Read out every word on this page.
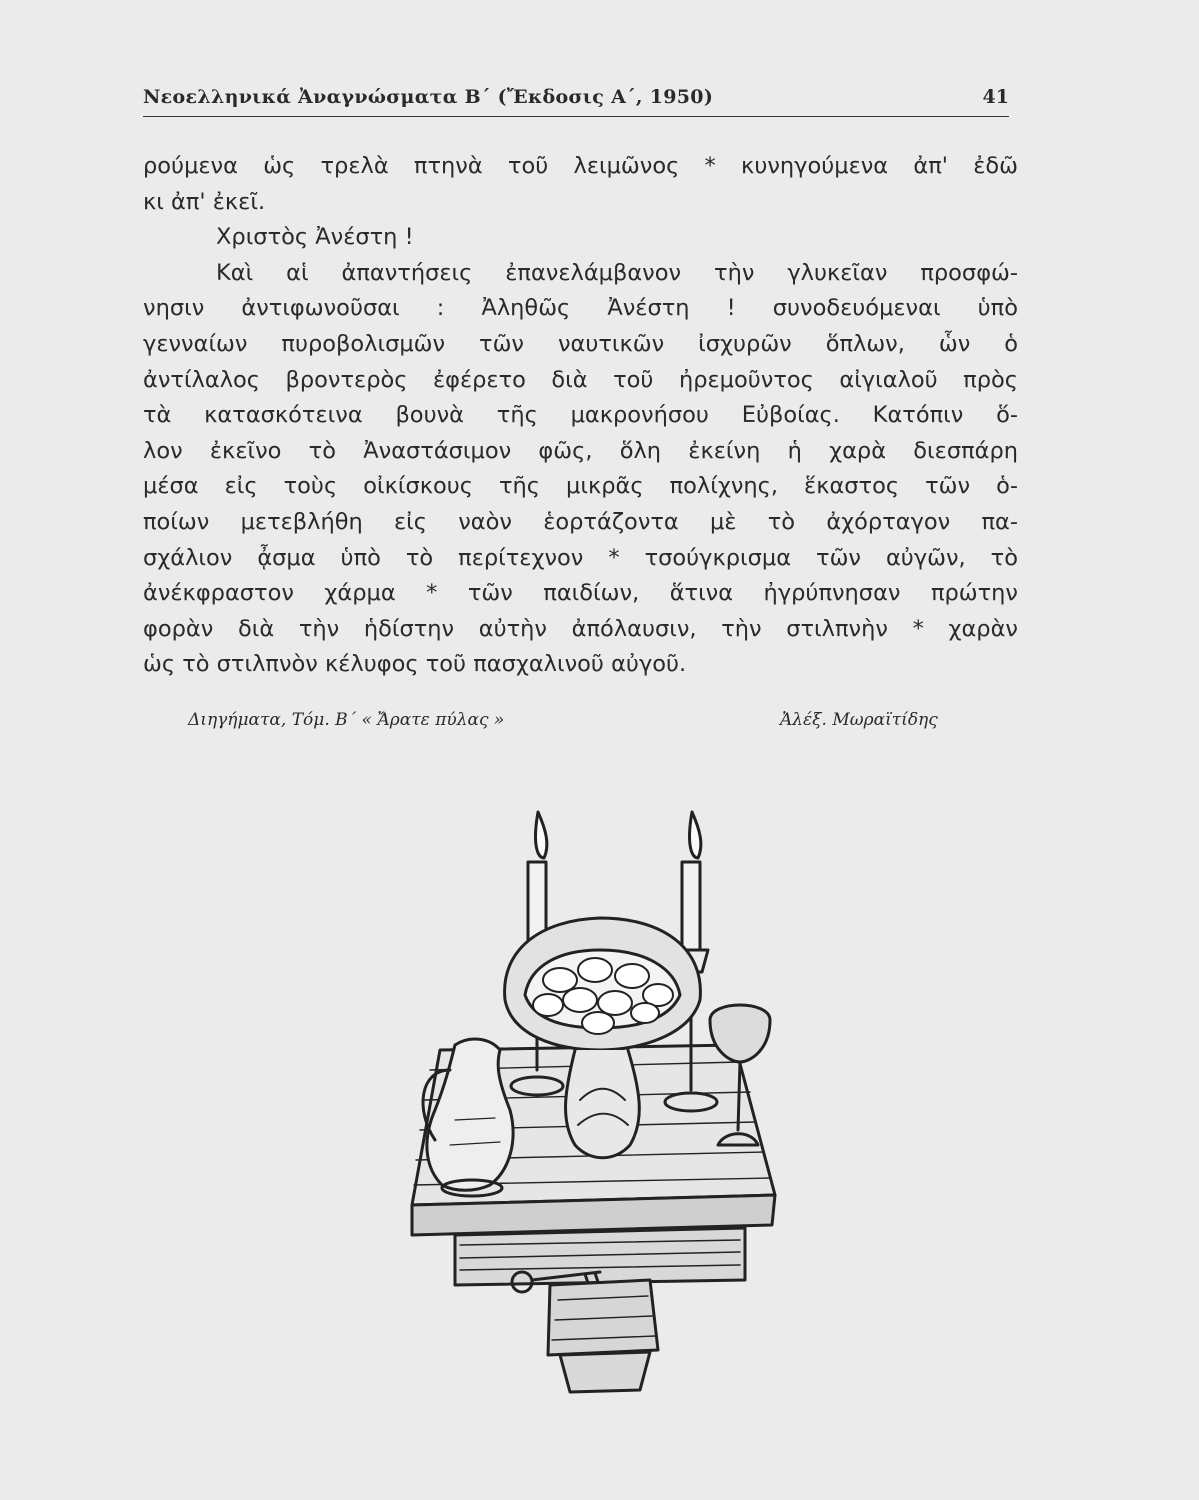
Νεοελληνικά Ἀναγνώσματα Β΄ (Ἔκδοσις Α΄, 1950)	41
ρούμενα ὡς τρελὰ πτηνὰ τοῦ λειμῶνος * κυνηγούμενα ἀπ' ἐδῶ
κι ἀπ' ἐκεῖ.
Χριστὸς Ἀνέστη !
Καὶ αἱ ἀπαντήσεις ἐπανελάμβανον τὴν γλυκεῖαν προσφώ-
νησιν ἀντιφωνοῦσαι : Ἀληθῶς Ἀνέστη ! συνοδευόμεναι ὑπὸ
γενναίων πυροβολισμῶν τῶν ναυτικῶν ἰσχυρῶν ὅπλων, ὧν ὁ
ἀντίλαλος βροντερὸς ἐφέρετο διὰ τοῦ ἠρεμοῦντος αἰγιαλοῦ πρὸς
τὰ κατασκότεινα βουνὰ τῆς μακρονήσου Εὐβοίας. Κατόπιν ὅ-
λον ἐκεῖνο τὸ Ἀναστάσιμον φῶς, ὅλη ἐκείνη ἡ χαρὰ διεσπάρη
μέσα εἰς τοὺς οἰκίσκους τῆς μικρᾶς πολίχνης, ἕκαστος τῶν ὁ-
ποίων μετεβλήθη εἰς ναὸν ἑορτάζοντα μὲ τὸ ἀχόρταγον πα-
σχάλιον ᾆσμα ὑπὸ τὸ περίτεχνον * τσούγκρισμα τῶν αὐγῶν, τὸ
ἀνέκφραστον χάρμα * τῶν παιδίων, ἅτινα ἠγρύπνησαν πρώτην
φορὰν διὰ τὴν ἡδίστην αὐτὴν ἀπόλαυσιν, τὴν στιλπνὴν * χαρὰν
ὡς τὸ στιλπνὸν κέλυφος τοῦ πασχαλινοῦ αὐγοῦ.
Διηγήματα, Τόμ. Β΄ « Ἄρατε πύλας »	Ἀλέξ. Μωραϊτίδης
